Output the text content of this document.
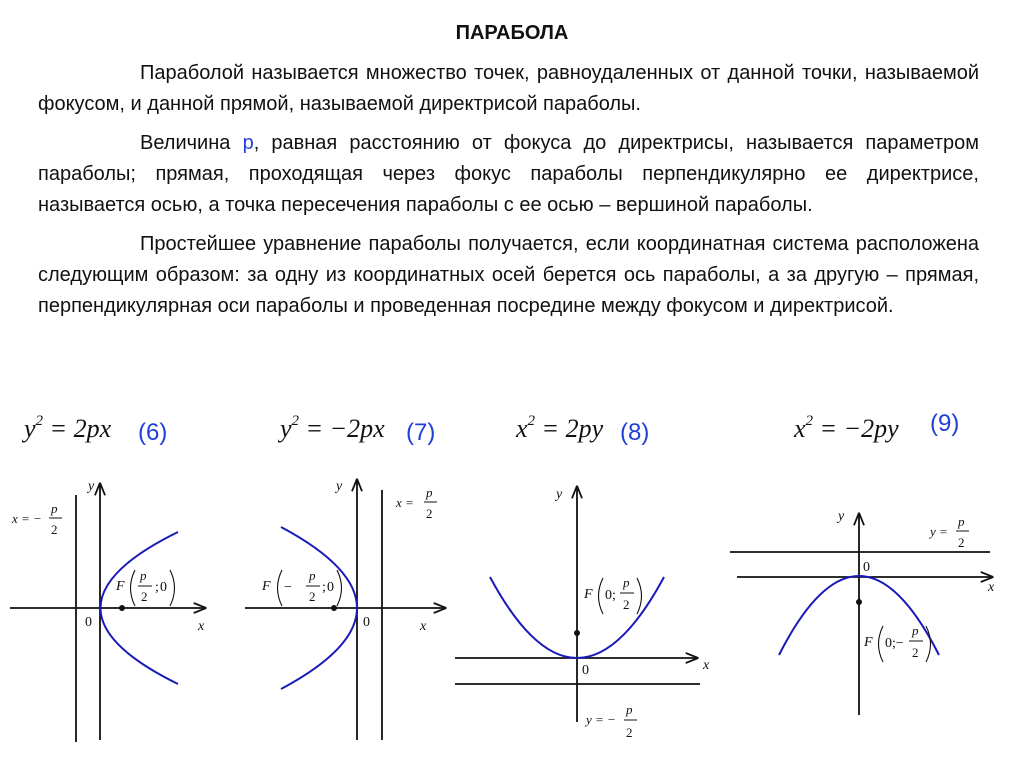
ПАРАБОЛА

Параболой называется множество точек, равноудаленных от данной точки, называемой фокусом, и данной прямой, называемой директрисой параболы.

Величина р, равная расстоянию от фокуса до директрисы, называется параметром параболы; прямая, проходящая через фокус параболы перпендикулярно ее директрисе, называется осью, а точка пересечения параболы с ее осью – вершиной параболы.

Простейшее уравнение параболы получается, если координатная система расположена следующим образом: за одну из координатных осей берется ось параболы, а за другую – прямая, перпендикулярная оси параболы и проведенная посредине между фокусом и директрисой.

$y^2 = 2px$ (6)	$y^2 = -2px$ (7)	$x^2 = 2py$ (8)	$x^2 = -2py$ (9)
y
x
0
x = −
p
2
F
p
2
; 0
y
x
0
x =
p
2
F −
p
2
; 0
y
x
0
y = −
p
2
F 0;
p
2
y
x
0
y =
p
2
F 0;−
p
2
